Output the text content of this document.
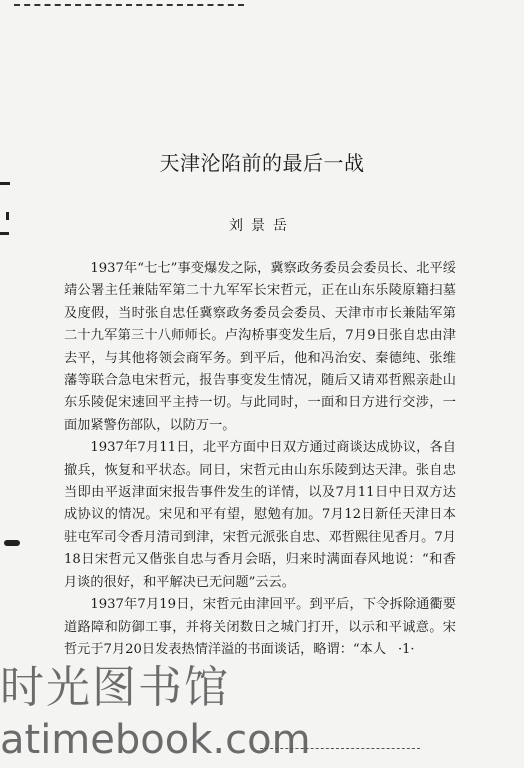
天津沦陷前的最后一战
刘景岳

1937年“七七”事变爆发之际，冀察政务委员会委员长、北平绥靖公署主任兼陆军第二十九军军长宋哲元，正在山东乐陵原籍扫墓及度假，当时张自忠任冀察政务委员会委员、天津市市长兼陆军第二十九军第三十八师师长。卢沟桥事变发生后，7月9日张自忠由津去平，与其他将领会商军务。到平后，他和冯治安、秦德纯、张维藩等联合急电宋哲元，报告事变发生情况，随后又请邓哲熙亲赴山东乐陵促宋速回平主持一切。与此同时，一面和日方进行交涉，一面加紧警伤部队，以防万一。

1937年7月11日，北平方面中日双方通过商谈达成协议，各自撤兵，恢复和平状态。同日，宋哲元由山东乐陵到达天津。张自忠当即由平返津面宋报告事件发生的详情，以及7月11日中日双方达成协议的情况。宋见和平有望，慰勉有加。7月12日新任天津日本驻屯军司令香月清司到津，宋哲元派张自忠、邓哲熙往见香月。7月18日宋哲元又偕张自忠与香月会晤，归来时满面春风地说：“和香月谈的很好，和平解决已无问题”云云。

1937年7月19日，宋哲元由津回平。到平后，下令拆除通衢要道路障和防御工事，并将关闭数日之城门打开，以示和平诚意。宋哲元于7月20日发表热情洋溢的书面谈话，略谓：“本人 ·1·
时光图书馆
atimebook.com
